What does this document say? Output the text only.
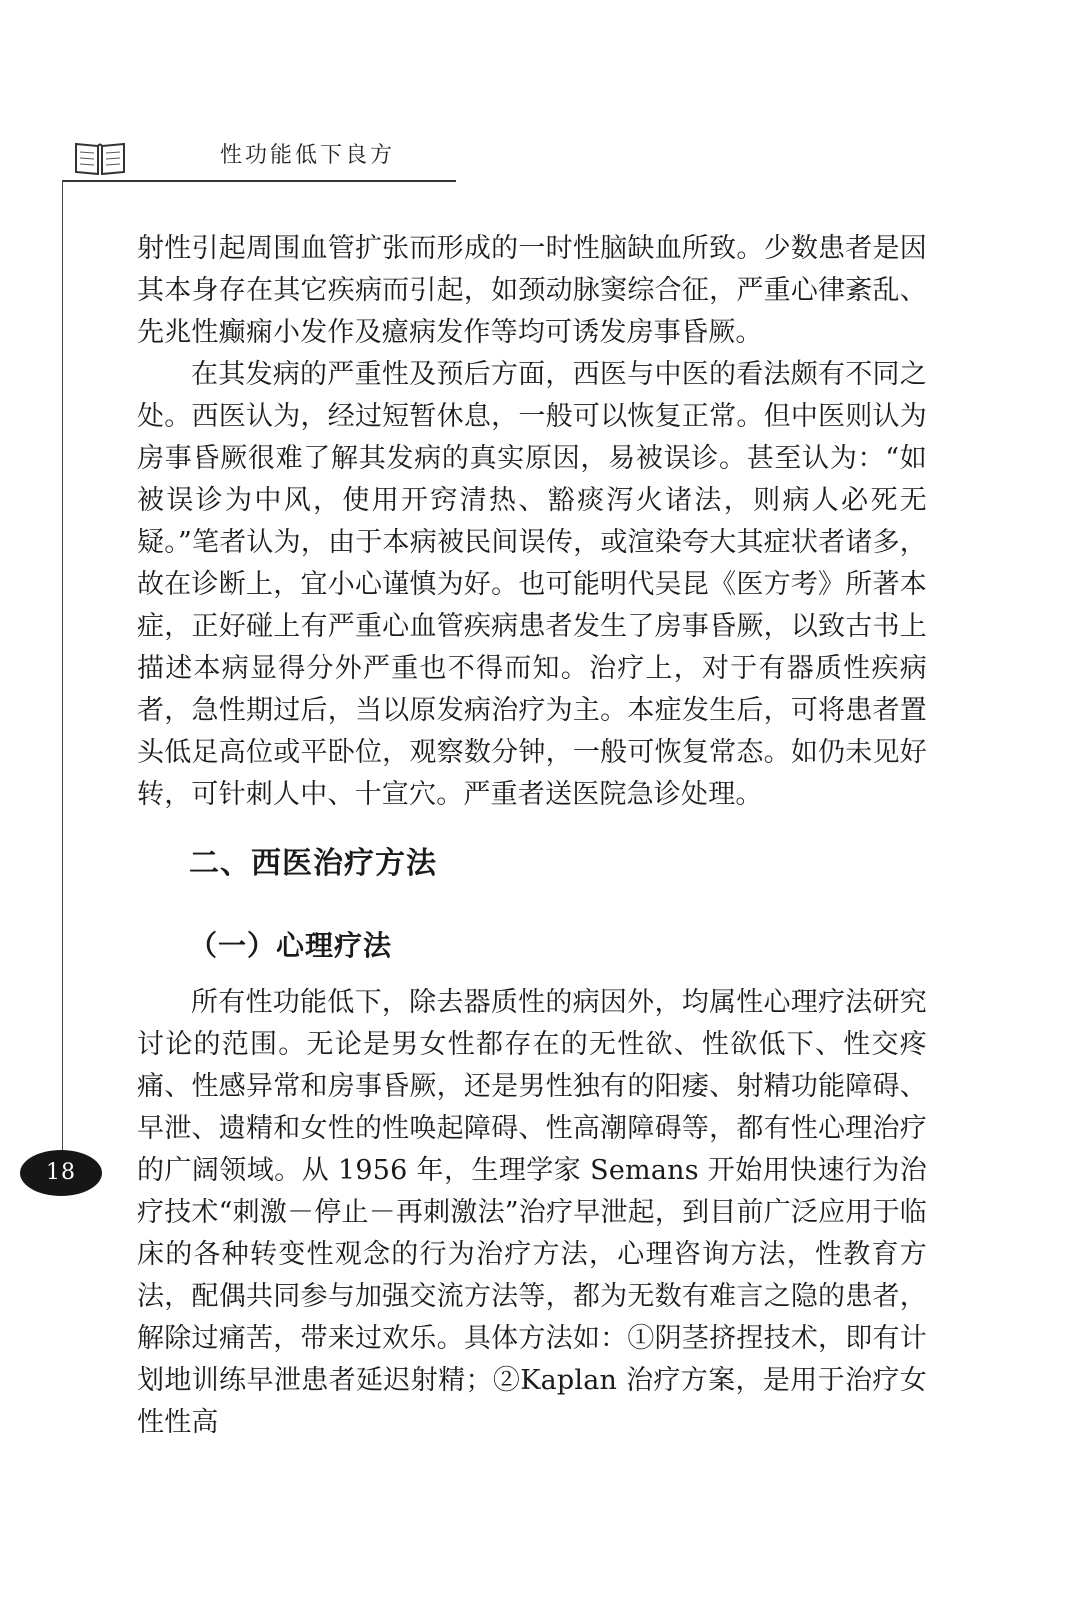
性功能低下良方
18

射性引起周围血管扩张而形成的一时性脑缺血所致。少数患者是因其本身存在其它疾病而引起，如颈动脉窦综合征，严重心律紊乱、先兆性癫痫小发作及癔病发作等均可诱发房事昏厥。

在其发病的严重性及预后方面，西医与中医的看法颇有不同之处。西医认为，经过短暂休息，一般可以恢复正常。但中医则认为房事昏厥很难了解其发病的真实原因，易被误诊。甚至认为：“如被误诊为中风，使用开窍清热、豁痰泻火诸法，则病人必死无疑。”笔者认为，由于本病被民间误传，或渲染夸大其症状者诸多，故在诊断上，宜小心谨慎为好。也可能明代吴昆《医方考》所著本症，正好碰上有严重心血管疾病患者发生了房事昏厥，以致古书上描述本病显得分外严重也不得而知。治疗上，对于有器质性疾病者，急性期过后，当以原发病治疗为主。本症发生后，可将患者置头低足高位或平卧位，观察数分钟，一般可恢复常态。如仍未见好转，可针刺人中、十宣穴。严重者送医院急诊处理。

二、西医治疗方法
（一）心理疗法

所有性功能低下，除去器质性的病因外，均属性心理疗法研究讨论的范围。无论是男女性都存在的无性欲、性欲低下、性交疼痛、性感异常和房事昏厥，还是男性独有的阳痿、射精功能障碍、早泄、遗精和女性的性唤起障碍、性高潮障碍等，都有性心理治疗的广阔领域。从 1956 年，生理学家 Semans 开始用快速行为治疗技术“刺激－停止－再刺激法”治疗早泄起，到目前广泛应用于临床的各种转变性观念的行为治疗方法，心理咨询方法，性教育方法，配偶共同参与加强交流方法等，都为无数有难言之隐的患者，解除过痛苦，带来过欢乐。具体方法如：①阴茎挤捏技术，即有计划地训练早泄患者延迟射精；②Kaplan 治疗方案，是用于治疗女性性高
